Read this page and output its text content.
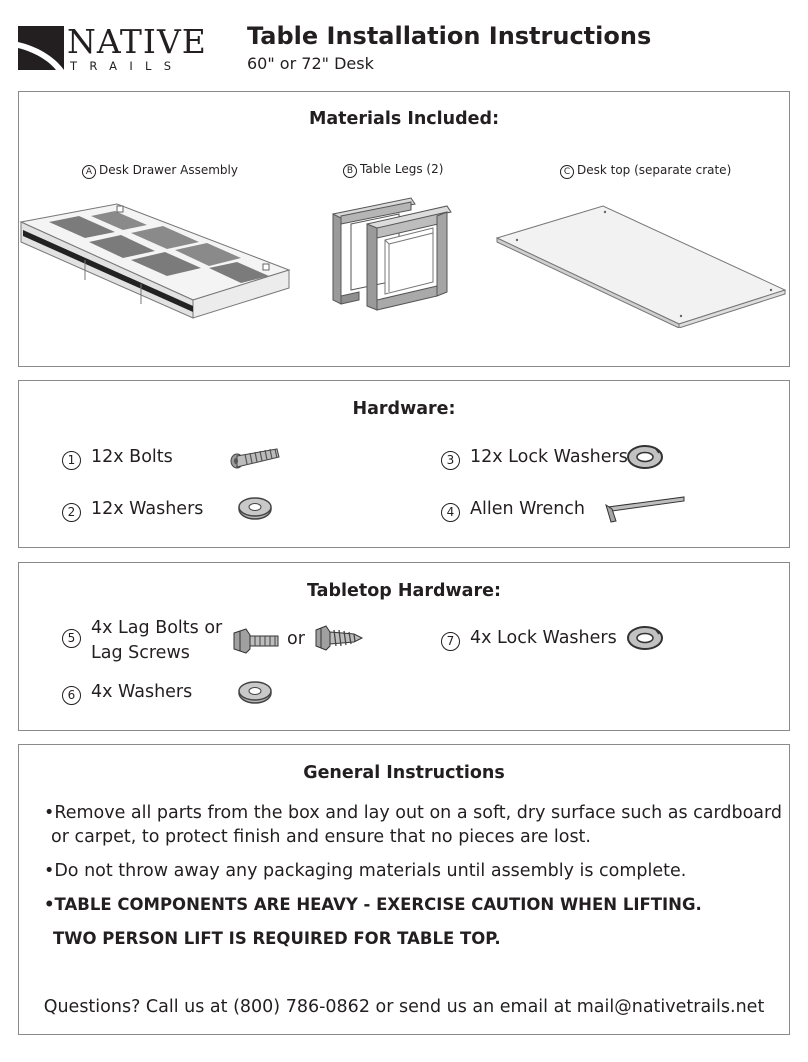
NATIVE
TRAILS
Table Installation Instructions
60" or 72" Desk
Materials Included:
A Desk Drawer Assembly	B Table Legs (2)	C Desk top (separate crate)
Hardware:
1 12x Bolts
2 12x Washers
3 12x Lock Washers
4 Allen Wrench
Tabletop Hardware:
5 4x Lag Bolts or
Lag Screws
or
6 4x Washers
7 4x Lock Washers
General Instructions
•Remove all parts from the box and lay out on a soft, dry surface such as cardboard
or carpet, to protect finish and ensure that no pieces are lost.
•Do not throw away any packaging materials until assembly is complete.
•TABLE COMPONENTS ARE HEAVY - EXERCISE CAUTION WHEN LIFTING.
TWO PERSON LIFT IS REQUIRED FOR TABLE TOP.
Questions? Call us at (800) 786-0862 or send us an email at mail@nativetrails.net
